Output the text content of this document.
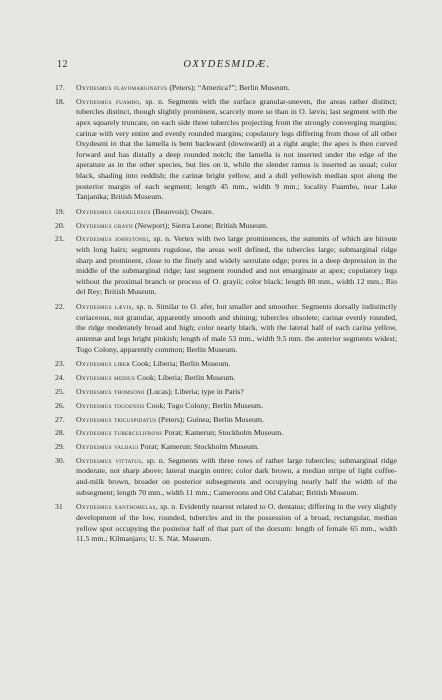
12	OXYDESMIDÆ.
17.	Oxydesmus flavomarginatus (Peters); “America?”; Berlin Museum.
18.	Oxydesmus fuambo, sp. n. Segments with the surface granular-uneven, the areas rather distinct; tubercles distinct, though slightly prominent, scarcely more so than in O. lævis; last segment with the apex squarely truncate, on each side three tubercles projecting from the strongly converging margins; carinæ with very entire and evenly rounded margins; copulatory legs differing from those of all other Oxydesmi in that the lamella is bent backward (downward) at a right angle; the apex is then curved forward and has distally a deep rounded notch; the lamella is not inserted under the edge of the aperature as in the other species, but lies on it, while the slender ramus is inserted as usual; color black, shading into reddish; the carinæ bright yellow, and a dull yellowish median spot along the posterior margin of each segment; length 45 mm., width 9 mm.; locality Fuambo, near Lake Tanjanika; British Museum.
19.	Oxydesmus granulosus (Beauvois); Oware.
20.	Oxydesmus grayii (Newport); Sierra Leone; British Museum.
21.	Oxydesmus johnstonei, sp. n. Vertex with two large prominences, the summits of which are hirsute with long hairs; segments rugulose, the areas well defined, the tubercles large; submarginal ridge sharp and prominent, close to the finely and widely serrulate edge; pores in a deep depression in the middle of the submarginal ridge; last segment rounded and not emarginate at apex; copulatory legs without the proximal branch or process of O. grayii; color black; length 80 mm., width 12 mm.; Rio del Rey; British Museum.
22.	Oxydesmus lævis, sp. n. Similar to O. afer, but smaller and smoother. Segments dorsally indistinctly coriaceous, not granular, apparently smooth and shining; tubercles obsolete; carinæ evenly rounded, the ridge moderately broad and high; color nearly black, with the lateral half of each carina yellow, antennæ and legs bright pinkish; length of male 53 mm., width 9.5 mm. the anterior segments widest; Togo Colony, apparently common; Berlin Museum.
23.	Oxydesmus liber Cook; Liberia; Berlin Museum.
24.	Oxydesmus medius Cook; Liberia; Berlin Museum.
25.	Oxydesmus thomsonii (Lucas); Liberia; type in Paris?
26.	Oxydesmus togoensis Cook; Togo Colony; Berlin Museum.
27.	Oxydesmus tricuspidatus (Peters); Guinea; Berlin Museum.
28.	Oxydesmus tuberculifrons Porat; Kamerun; Stockholm Museum.
29.	Oxydesmus valdaui Porat; Kamerun; Stockholm Museum.
30.	Oxydesmus vittatus, sp. n. Segments with three rows of rather large tubercles; submarginal ridge moderate, not sharp above; lateral margin entire; color dark brown, a median stripe of light coffee-and-milk brown, broader on posterior subsegments and occupying nearly half the width of the subsegment; length 70 mm., width 11 mm.; Cameroons and Old Calabar; British Museum.
31	Oxydesmus xanthomelas, sp. n. Evidently nearest related to O. dentatus; differing in the very slightly development of the low, rounded, tubercles and in the possession of a broad, rectangular, median yellow spot occupying the posterior half of that part of the dorsum: length of female 65 mm., width 11.5 mm.; Kilmanjaro; U. S. Nat. Museum.
